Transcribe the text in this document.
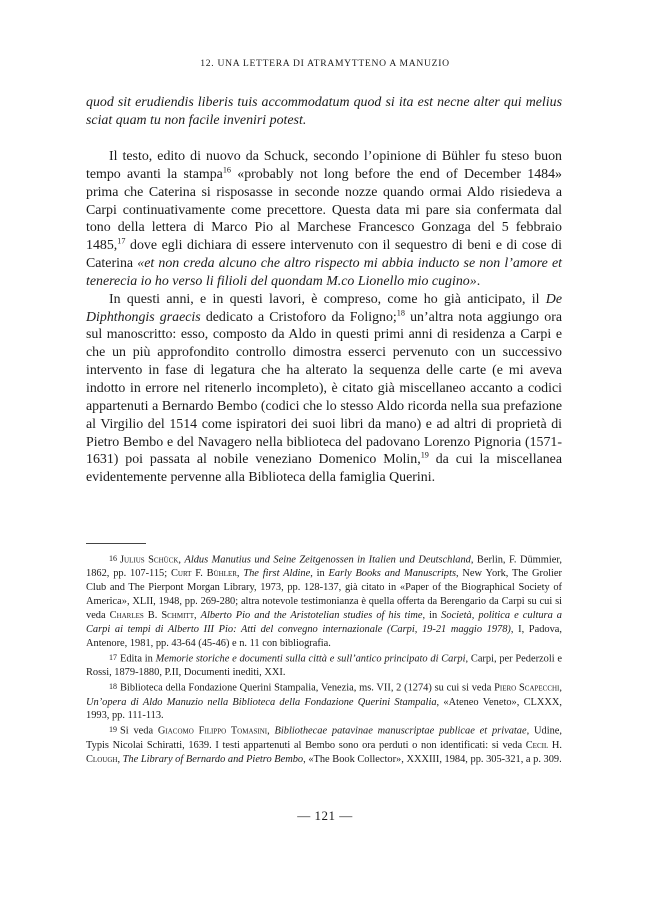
12. UNA LETTERA DI ATRAMYTTENO A MANUZIO

quod sit erudiendis liberis tuis accommodatum quod si ita est necne alter qui melius sciat quam tu non facile inveniri potest.

Il testo, edito di nuovo da Schuck, secondo l’opinione di Bühler fu steso buon tempo avanti la stampa$^{16}$ «probably not long before the end of December 1484» prima che Caterina si risposasse in seconde nozze quando ormai Aldo risiedeva a Carpi continuativamente come precettore. Questa data mi pare sia confermata dal tono della lettera di Marco Pio al Marchese Francesco Gonzaga del 5 febbraio 1485,17 dove egli dichiara di essere intervenuto con il sequestro di beni e di cose di Caterina «et non creda alcuno che altro rispecto mi abbia inducto se non l’amore et tenerecia io ho verso li filioli del quondam M.co Lionello mio cugino».

In questi anni, e in questi lavori, è compreso, come ho già anticipato, il De Diphthongis graecis dedicato a Cristoforo da Foligno;$^{18}$ un’altra nota aggiungo ora sul manoscritto: esso, composto da Aldo in questi primi anni di residenza a Carpi e che un più approfondito controllo dimostra esserci pervenuto con un successivo intervento in fase di legatura che ha alterato la sequenza delle carte (e mi aveva indotto in errore nel ritenerlo incompleto), è citato già miscellaneo accanto a codici appartenuti a Bernardo Bembo (codici che lo stesso Aldo ricorda nella sua prefazione al Virgilio del 1514 come ispiratori dei suoi libri da mano) e ad altri di proprietà di Pietro Bembo e del Navagero nella biblioteca del padovano Lorenzo Pignoria (1571-1631) poi passata al nobile veneziano Domenico Molin,$^{19}$ da cui la miscellanea evidentemente pervenne alla Biblioteca della famiglia Querini.

16 Julius Schück, Aldus Manutius und Seine Zeitgenossen in Italien und Deutschland, Berlin, F. Dümmier, 1862, pp. 107-115; Curt F. Bühler, The first Aldine, in Early Books and Manuscripts, New York, The Grolier Club and The Pierpont Morgan Library, 1973, pp. 128-137, già citato in «Paper of the Biographical Society of America», XLII, 1948, pp. 269-280; altra notevole testimonianza è quella offerta da Berengario da Carpi su cui si veda Charles B. Schmitt, Alberto Pio and the Aristotelian studies of his time, in Società, politica e cultura a Carpi ai tempi di Alberto III Pio: Atti del convegno internazionale (Carpi, 19-21 maggio 1978), I, Padova, Antenore, 1981, pp. 43-64 (45-46) e n. 11 con bibliografia.

17 Edita in Memorie storiche e documenti sulla città e sull’antico principato di Carpi, Carpi, per Pederzoli e Rossi, 1879-1880, P.II, Documenti inediti, XXI.

18 Biblioteca della Fondazione Querini Stampalia, Venezia, ms. VII, 2 (1274) su cui si veda Piero Scapecchi, Un’opera di Aldo Manuzio nella Biblioteca della Fondazione Querini Stampalia, «Ateneo Veneto», CLXXX, 1993, pp. 111-113.

19 Si veda Giacomo Filippo Tomasini, Bibliothecae patavinae manuscriptae publicae et privatae, Udine, Typis Nicolai Schiratti, 1639. I testi appartenuti al Bembo sono ora perduti o non identificati: si veda Cecil H. Clough, The Library of Bernardo and Pietro Bembo, «The Book Collector», XXXIII, 1984, pp. 305-321, a p. 309.

— 121 —
